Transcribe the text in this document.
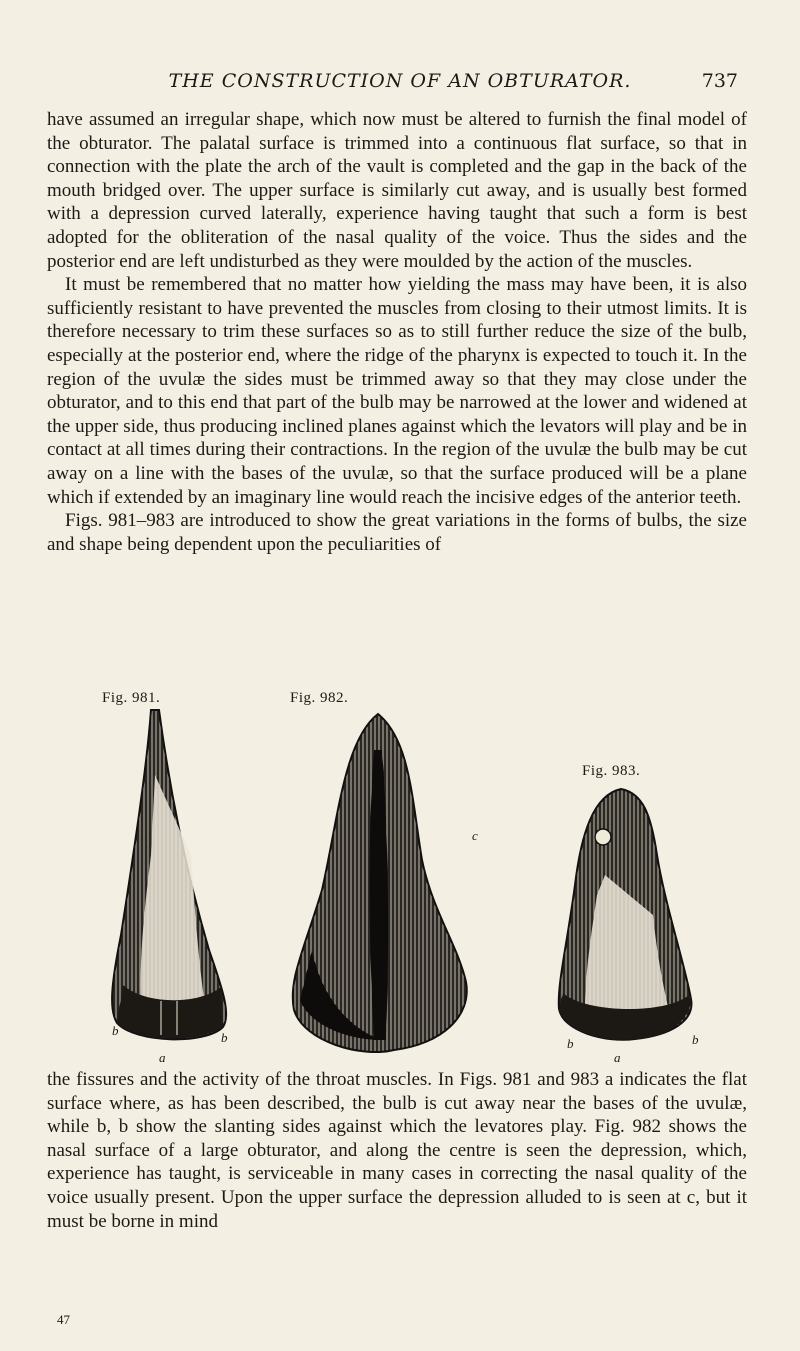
THE CONSTRUCTION OF AN OBTURATOR.	737

have assumed an irregular shape, which now must be altered to furnish the final model of the obturator. The palatal surface is trimmed into a continuous flat surface, so that in connection with the plate the arch of the vault is completed and the gap in the back of the mouth bridged over. The upper surface is similarly cut away, and is usually best formed with a depression curved laterally, experience having taught that such a form is best adopted for the obliteration of the nasal quality of the voice. Thus the sides and the posterior end are left undisturbed as they were moulded by the action of the muscles.

It must be remembered that no matter how yielding the mass may have been, it is also sufficiently resistant to have prevented the muscles from closing to their utmost limits. It is therefore necessary to trim these surfaces so as to still further reduce the size of the bulb, especially at the posterior end, where the ridge of the pharynx is expected to touch it. In the region of the uvulæ the sides must be trimmed away so that they may close under the obturator, and to this end that part of the bulb may be narrowed at the lower and widened at the upper side, thus producing inclined planes against which the levators will play and be in contact at all times during their contractions. In the region of the uvulæ the bulb may be cut away on a line with the bases of the uvulæ, so that the surface produced will be a plane which if extended by an imaginary line would reach the incisive edges of the anterior teeth.

Figs. 981–983 are introduced to show the great variations in the forms of bulbs, the size and shape being dependent upon the peculiarities of

Fig. 981.	Fig. 982.
Fig. 983.
b	b
a
c
b	b
a

the fissures and the activity of the throat muscles. In Figs. 981 and 983 a indicates the flat surface where, as has been described, the bulb is cut away near the bases of the uvulæ, while b, b show the slanting sides against which the levatores play. Fig. 982 shows the nasal surface of a large obturator, and along the centre is seen the depression, which, experience has taught, is serviceable in many cases in correcting the nasal quality of the voice usually present. Upon the upper surface the depression alluded to is seen at c, but it must be borne in mind

47
